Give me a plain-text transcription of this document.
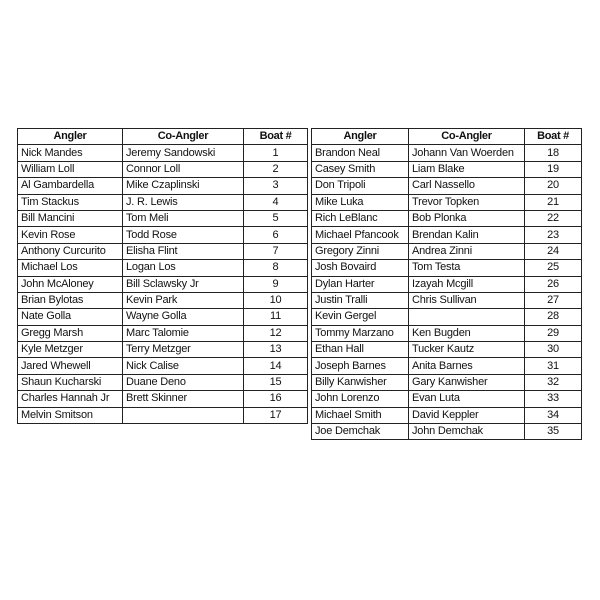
Angler	Co-Angler	Boat #
Nick Mandes	Jeremy Sandowski	1
William Loll	Connor Loll	2
Al Gambardella	Mike Czaplinski	3
Tim Stackus	J. R. Lewis	4
Bill Mancini	Tom Meli	5
Kevin Rose	Todd Rose	6
Anthony Curcurito	Elisha Flint	7
Michael Los	Logan Los	8
John McAloney	Bill Sclawsky Jr	9
Brian Bylotas	Kevin Park	10
Nate Golla	Wayne Golla	11
Gregg Marsh	Marc Talomie	12
Kyle Metzger	Terry Metzger	13
Jared Whewell	Nick Calise	14
Shaun Kucharski	Duane Deno	15
Charles Hannah Jr	Brett Skinner	16
Melvin Smitson		17
Angler	Co-Angler	Boat #
Brandon Neal	Johann Van Woerden	18
Casey Smith	Liam Blake	19
Don Tripoli	Carl Nassello	20
Mike Luka	Trevor Topken	21
Rich LeBlanc	Bob Plonka	22
Michael Pfancook	Brendan Kalin	23
Gregory Zinni	Andrea Zinni	24
Josh Bovaird	Tom Testa	25
Dylan Harter	Izayah Mcgill	26
Justin Tralli	Chris Sullivan	27
Kevin Gergel		28
Tommy Marzano	Ken Bugden	29
Ethan Hall	Tucker Kautz	30
Joseph Barnes	Anita Barnes	31
Billy Kanwisher	Gary Kanwisher	32
John Lorenzo	Evan Luta	33
Michael Smith	David Keppler	34
Joe Demchak	John Demchak	35
